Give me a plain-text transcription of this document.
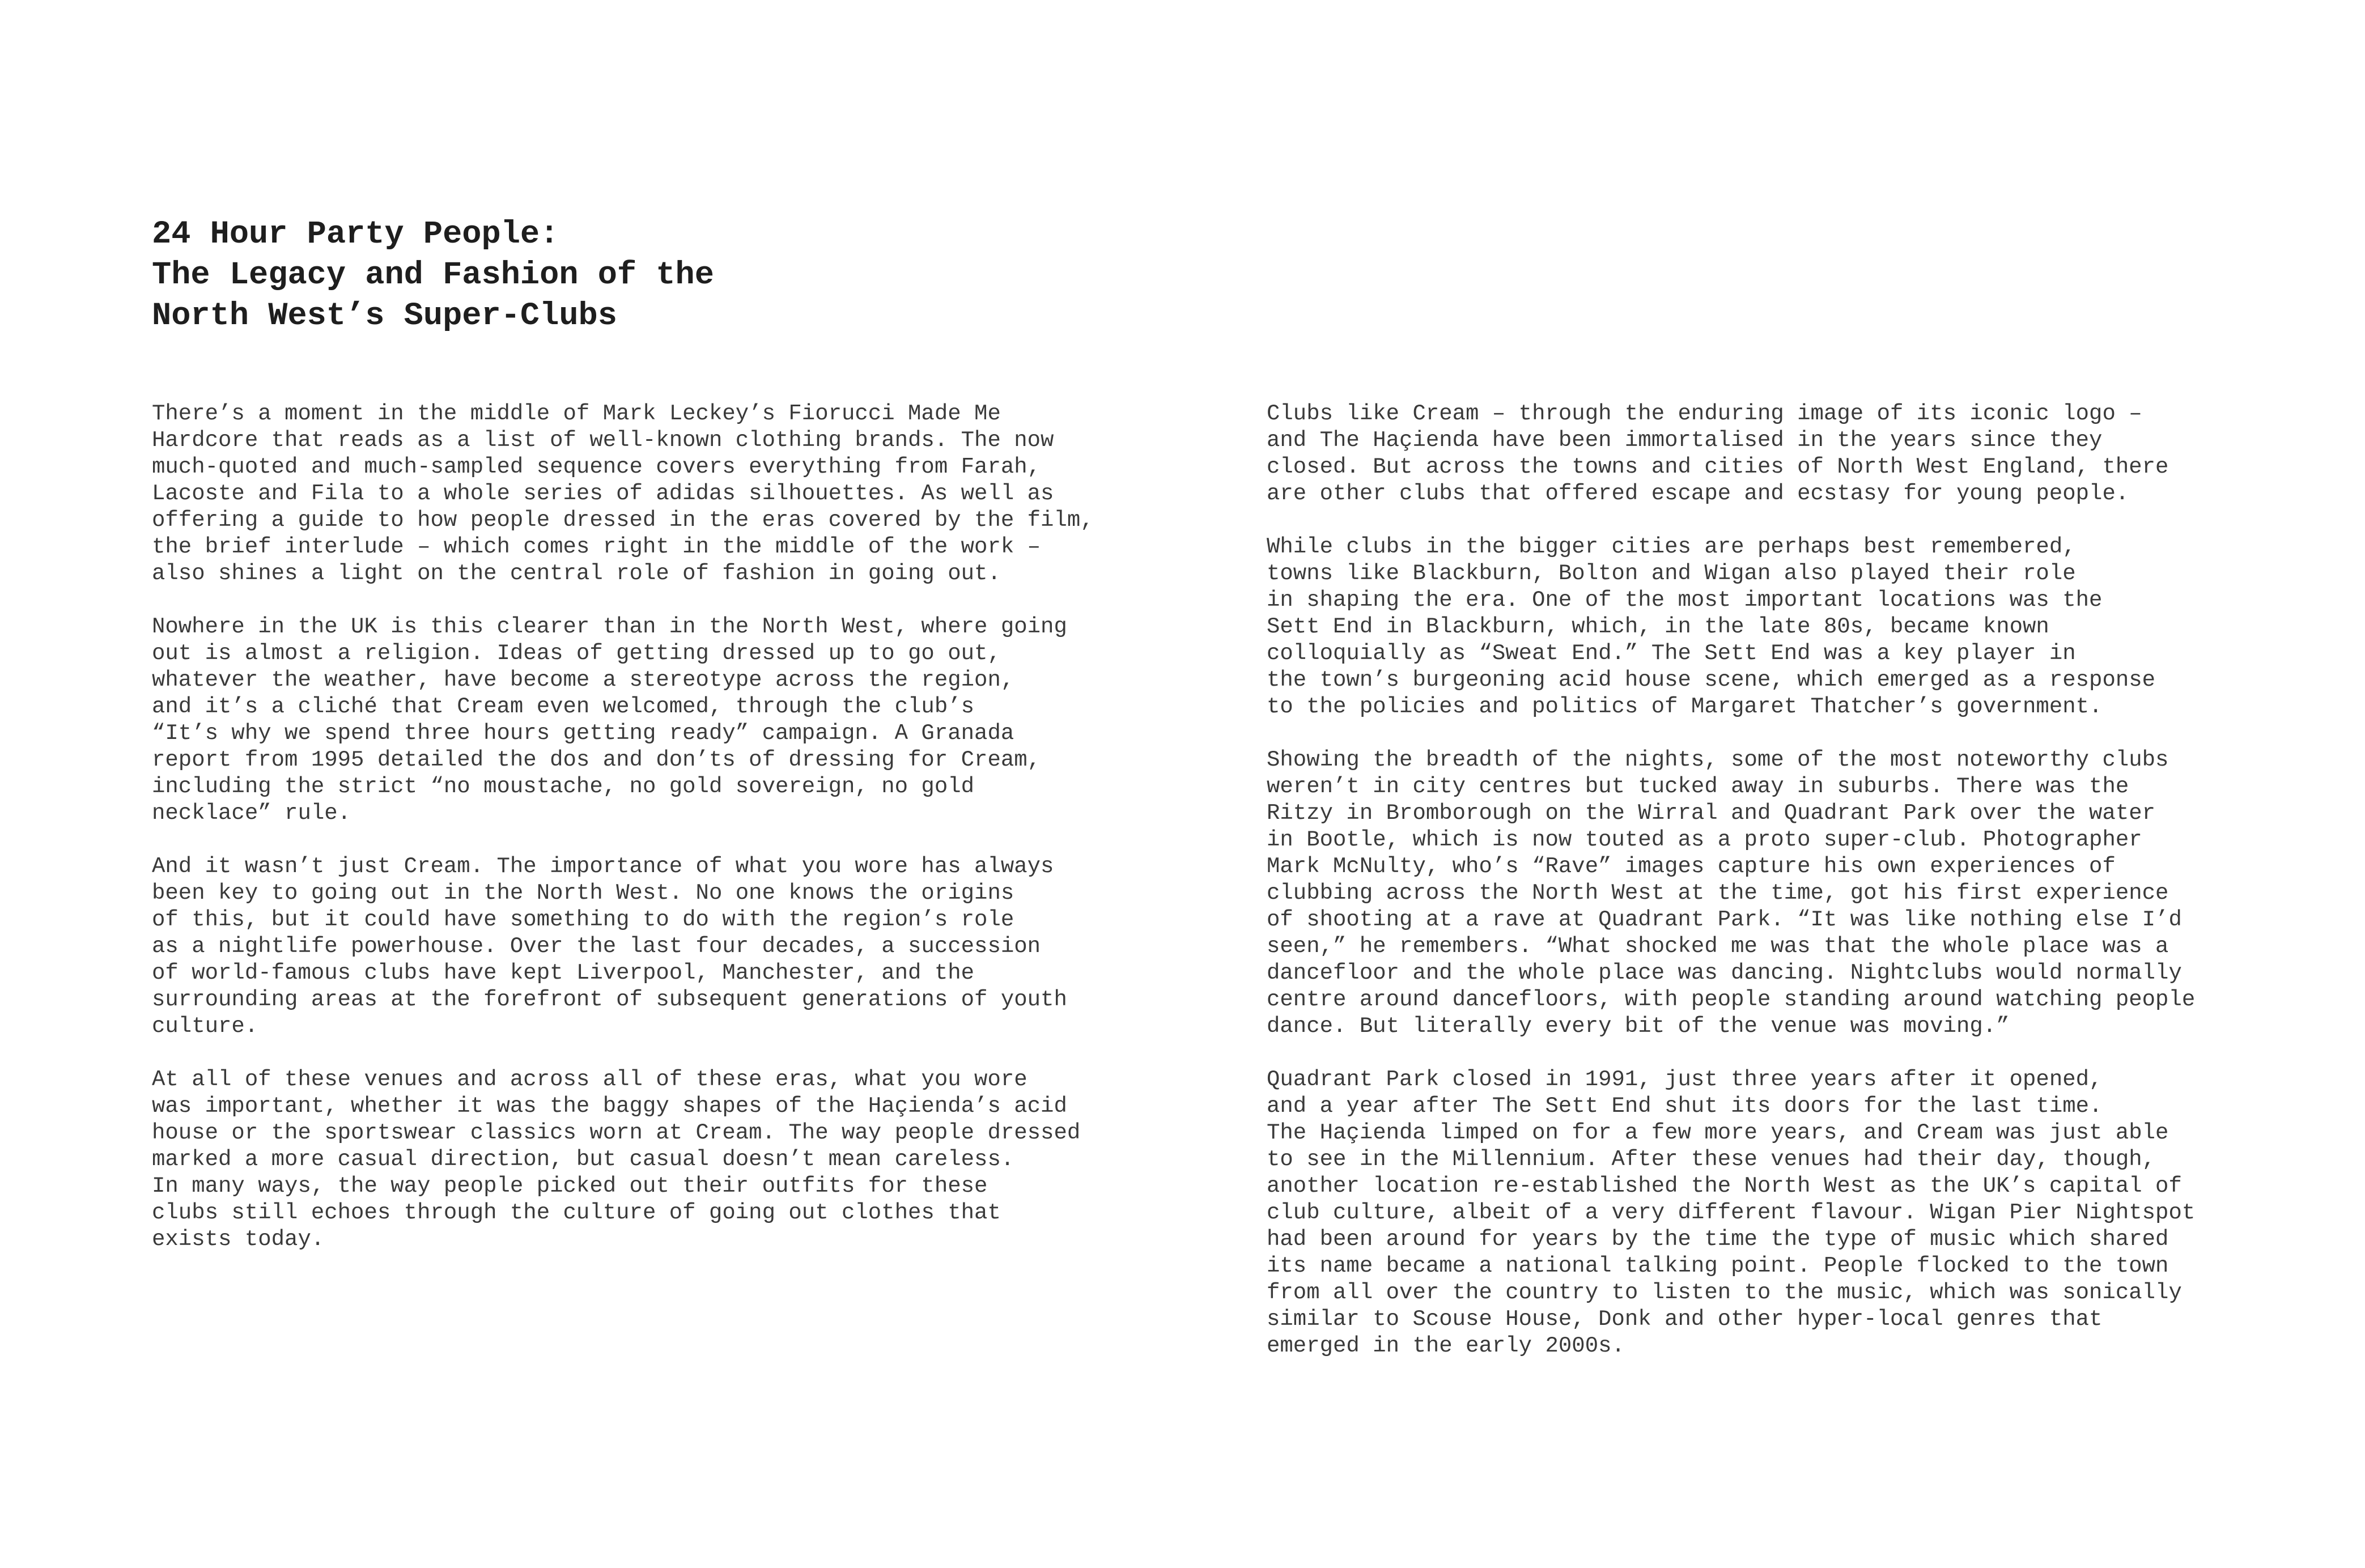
24 Hour Party People:
The Legacy and Fashion of the
North West’s Super-Clubs

There’s a moment in the middle of Mark Leckey’s Fiorucci Made Me
Hardcore that reads as a list of well-known clothing brands. The now
much-quoted and much-sampled sequence covers everything from Farah,
Lacoste and Fila to a whole series of adidas silhouettes. As well as
offering a guide to how people dressed in the eras covered by the film,
the brief interlude – which comes right in the middle of the work –
also shines a light on the central role of fashion in going out.

Nowhere in the UK is this clearer than in the North West, where going
out is almost a religion. Ideas of getting dressed up to go out,
whatever the weather, have become a stereotype across the region,
and it’s a cliché that Cream even welcomed, through the club’s
“It’s why we spend three hours getting ready” campaign. A Granada
report from 1995 detailed the dos and don’ts of dressing for Cream,
including the strict “no moustache, no gold sovereign, no gold
necklace” rule.

And it wasn’t just Cream. The importance of what you wore has always
been key to going out in the North West. No one knows the origins
of this, but it could have something to do with the region’s role
as a nightlife powerhouse. Over the last four decades, a succession
of world-famous clubs have kept Liverpool, Manchester, and the
surrounding areas at the forefront of subsequent generations of youth
culture.

At all of these venues and across all of these eras, what you wore
was important, whether it was the baggy shapes of the Haçienda’s acid
house or the sportswear classics worn at Cream. The way people dressed
marked a more casual direction, but casual doesn’t mean careless.
In many ways, the way people picked out their outfits for these
clubs still echoes through the culture of going out clothes that
exists today.

Clubs like Cream – through the enduring image of its iconic logo –
and The Haçienda have been immortalised in the years since they
closed. But across the towns and cities of North West England, there
are other clubs that offered escape and ecstasy for young people.

While clubs in the bigger cities are perhaps best remembered,
towns like Blackburn, Bolton and Wigan also played their role
in shaping the era. One of the most important locations was the
Sett End in Blackburn, which, in the late 80s, became known
colloquially as “Sweat End.” The Sett End was a key player in
the town’s burgeoning acid house scene, which emerged as a response
to the policies and politics of Margaret Thatcher’s government.

Showing the breadth of the nights, some of the most noteworthy clubs
weren’t in city centres but tucked away in suburbs. There was the
Ritzy in Bromborough on the Wirral and Quadrant Park over the water
in Bootle, which is now touted as a proto super-club. Photographer
Mark McNulty, who’s “Rave” images capture his own experiences of
clubbing across the North West at the time, got his first experience
of shooting at a rave at Quadrant Park. “It was like nothing else I’d
seen,” he remembers. “What shocked me was that the whole place was a
dancefloor and the whole place was dancing. Nightclubs would normally
centre around dancefloors, with people standing around watching people
dance. But literally every bit of the venue was moving.”

Quadrant Park closed in 1991, just three years after it opened,
and a year after The Sett End shut its doors for the last time.
The Haçienda limped on for a few more years, and Cream was just able
to see in the Millennium. After these venues had their day, though,
another location re-established the North West as the UK’s capital of
club culture, albeit of a very different flavour. Wigan Pier Nightspot
had been around for years by the time the type of music which shared
its name became a national talking point. People flocked to the town
from all over the country to listen to the music, which was sonically
similar to Scouse House, Donk and other hyper-local genres that
emerged in the early 2000s.
